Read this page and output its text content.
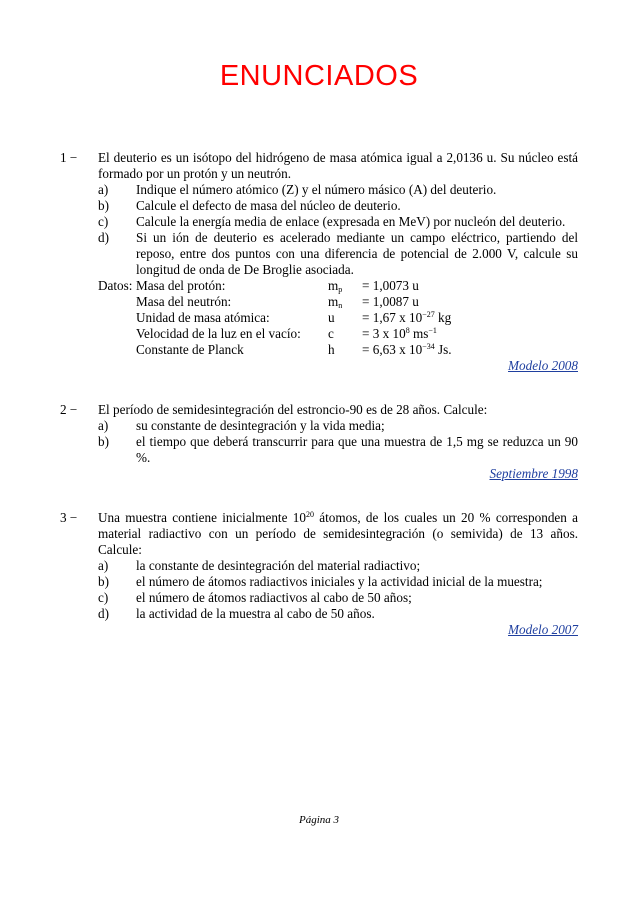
ENUNCIADOS
1 − El deuterio es un isótopo del hidrógeno de masa atómica igual a 2,0136 u. Su núcleo está formado por un protón y un neutrón.
a) Indique el número atómico (Z) y el número másico (A) del deuterio.
b) Calcule el defecto de masa del núcleo de deuterio.
c) Calcule la energía media de enlace (expresada en MeV) por nucleón del deuterio.
d) Si un ión de deuterio es acelerado mediante un campo eléctrico, partiendo del reposo, entre dos puntos con una diferencia de potencial de 2.000 V, calcule su longitud de onda de De Broglie asociada.
Datos: Masa del protón:	$m_p = 1,0073$ u
Masa del neutrón:	$m_n = 1,0087$ u
Unidad de masa atómica:	u = 1,67 x $10^{-27}$ kg
Velocidad de la luz en el vacío: c = 3 x $10^8$ $ms^{-1}$
Constante de Planck	h = 6,63 x $10^{-34}$ Js.
Modelo 2008
2 − El período de semidesintegración del estroncio-90 es de 28 años. Calcule:
a) su constante de desintegración y la vida media;
b) el tiempo que deberá transcurrir para que una muestra de 1,5 mg se reduzca un 90 %.
Septiembre 1998
3 − Una muestra contiene inicialmente $10^{20}$ átomos, de los cuales un 20 % corresponden a material radiactivo con un período de semidesintegración (o semivida) de 13 años. Calcule:
a) la constante de desintegración del material radiactivo;
b) el número de átomos radiactivos iniciales y la actividad inicial de la muestra;
c) el número de átomos radiactivos al cabo de 50 años;
d) la actividad de la muestra al cabo de 50 años.
Modelo 2007
Página 3
